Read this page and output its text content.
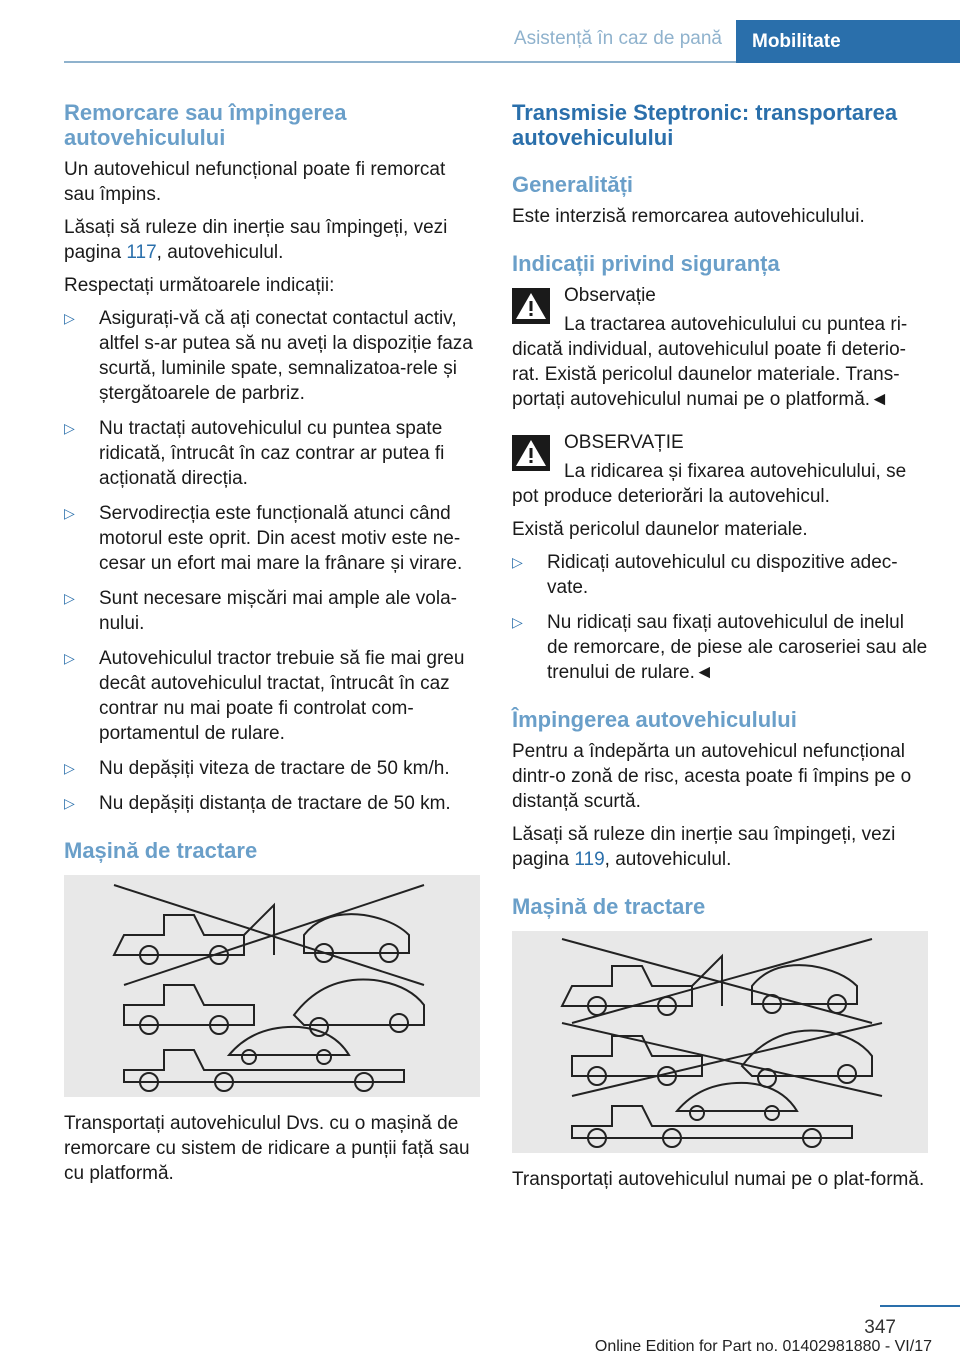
Asistență în caz de pană	Mobilitate
Remorcare sau împingerea autovehiculului

Un autovehicul nefuncțional poate fi remorcat sau împins.

Lăsați să ruleze din inerție sau împingeți, vezi pagina 117, autovehiculul.

Respectați următoarele indicații:

▷ Asigurați-vă că ați conectat contactul activ, altfel s-ar putea să nu aveți la dispoziție faza scurtă, luminile spate, semnalizatoa-rele și ștergătoarele de parbriz.
▷ Nu tractați autovehiculul cu puntea spate ridicată, întrucât în caz contrar ar putea fi acționată direcția.
▷ Servodirecția este funcțională atunci când motorul este oprit. Din acest motiv este ne-cesar un efort mai mare la frânare și virare.
▷ Sunt necesare mișcări mai ample ale vola-nului.
▷ Autovehiculul tractor trebuie să fie mai greu decât autovehiculul tractat, întrucât în caz contrar nu mai poate fi controlat com-portamentul de rulare.
▷ Nu depășiți viteza de tractare de 50 km/h.
▷ Nu depășiți distanța de tractare de 50 km.
Mașină de tractare

Transportați autovehiculul Dvs. cu o mașină de remorcare cu sistem de ridicare a punții față sau cu platformă.

Transmisie Steptronic: transportarea autovehiculului
Generalități

Este interzisă remorcarea autovehiculului.

Indicații privind siguranța

Observație

La tractarea autovehiculului cu puntea ri-dicată individual, autovehiculul poate fi deterio-rat. Există pericolul daunelor materiale. Trans-portați autovehiculul numai pe o platformă.◄

OBSERVAȚIE

La ridicarea și fixarea autovehiculului, se pot produce deteriorări la autovehicul.

Există pericolul daunelor materiale.

▷ Ridicați autovehiculul cu dispozitive adec-vate.
▷ Nu ridicați sau fixați autovehiculul de inelul de remorcare, de piese ale caroseriei sau ale trenului de rulare.◄
Împingerea autovehiculului

Pentru a îndepărta un autovehicul nefuncțional dintr-o zonă de risc, acesta poate fi împins pe o distanță scurtă.

Lăsați să ruleze din inerție sau împingeți, vezi pagina 119, autovehiculul.

Mașină de tractare

Transportați autovehiculul numai pe o plat-formă.

347
Online Edition for Part no. 01402981880 - VI/17
